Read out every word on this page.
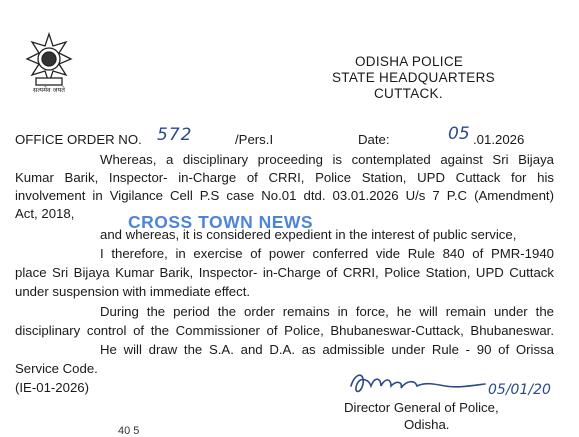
सत्यमेव जयते
ODISHA POLICE
STATE HEADQUARTERS
CUTTACK.
OFFICE ORDER NO. 572	/Pers.I	Date:	05 .01.2026
Whereas, a disciplinary proceeding is contemplated against Sri Bijaya
Kumar Barik, Inspector- in-Charge of CRRI, Police Station, UPD Cuttack for his
involvement in Vigilance Cell P.S case No.01 dtd. 03.01.2026 U/s 7 P.C (Amendment)
Act, 2018,	CROSS TOWN NEWS
and whereas, it is considered expedient in the interest of public service,
I therefore, in exercise of power conferred vide Rule 840 of PMR-1940
place Sri Bijaya Kumar Barik, Inspector- in-Charge of CRRI, Police Station, UPD Cuttack
under suspension with immediate effect.
During the period the order remains in force, he will remain under the
disciplinary control of the Commissioner of Police, Bhubaneswar-Cuttack, Bhubaneswar.
He will draw the S.A. and D.A. as admissible under Rule - 90 of Orissa
Service Code.
(IE-01-2026)	05/01/20
Director General of Police,
Odisha.
40 5
